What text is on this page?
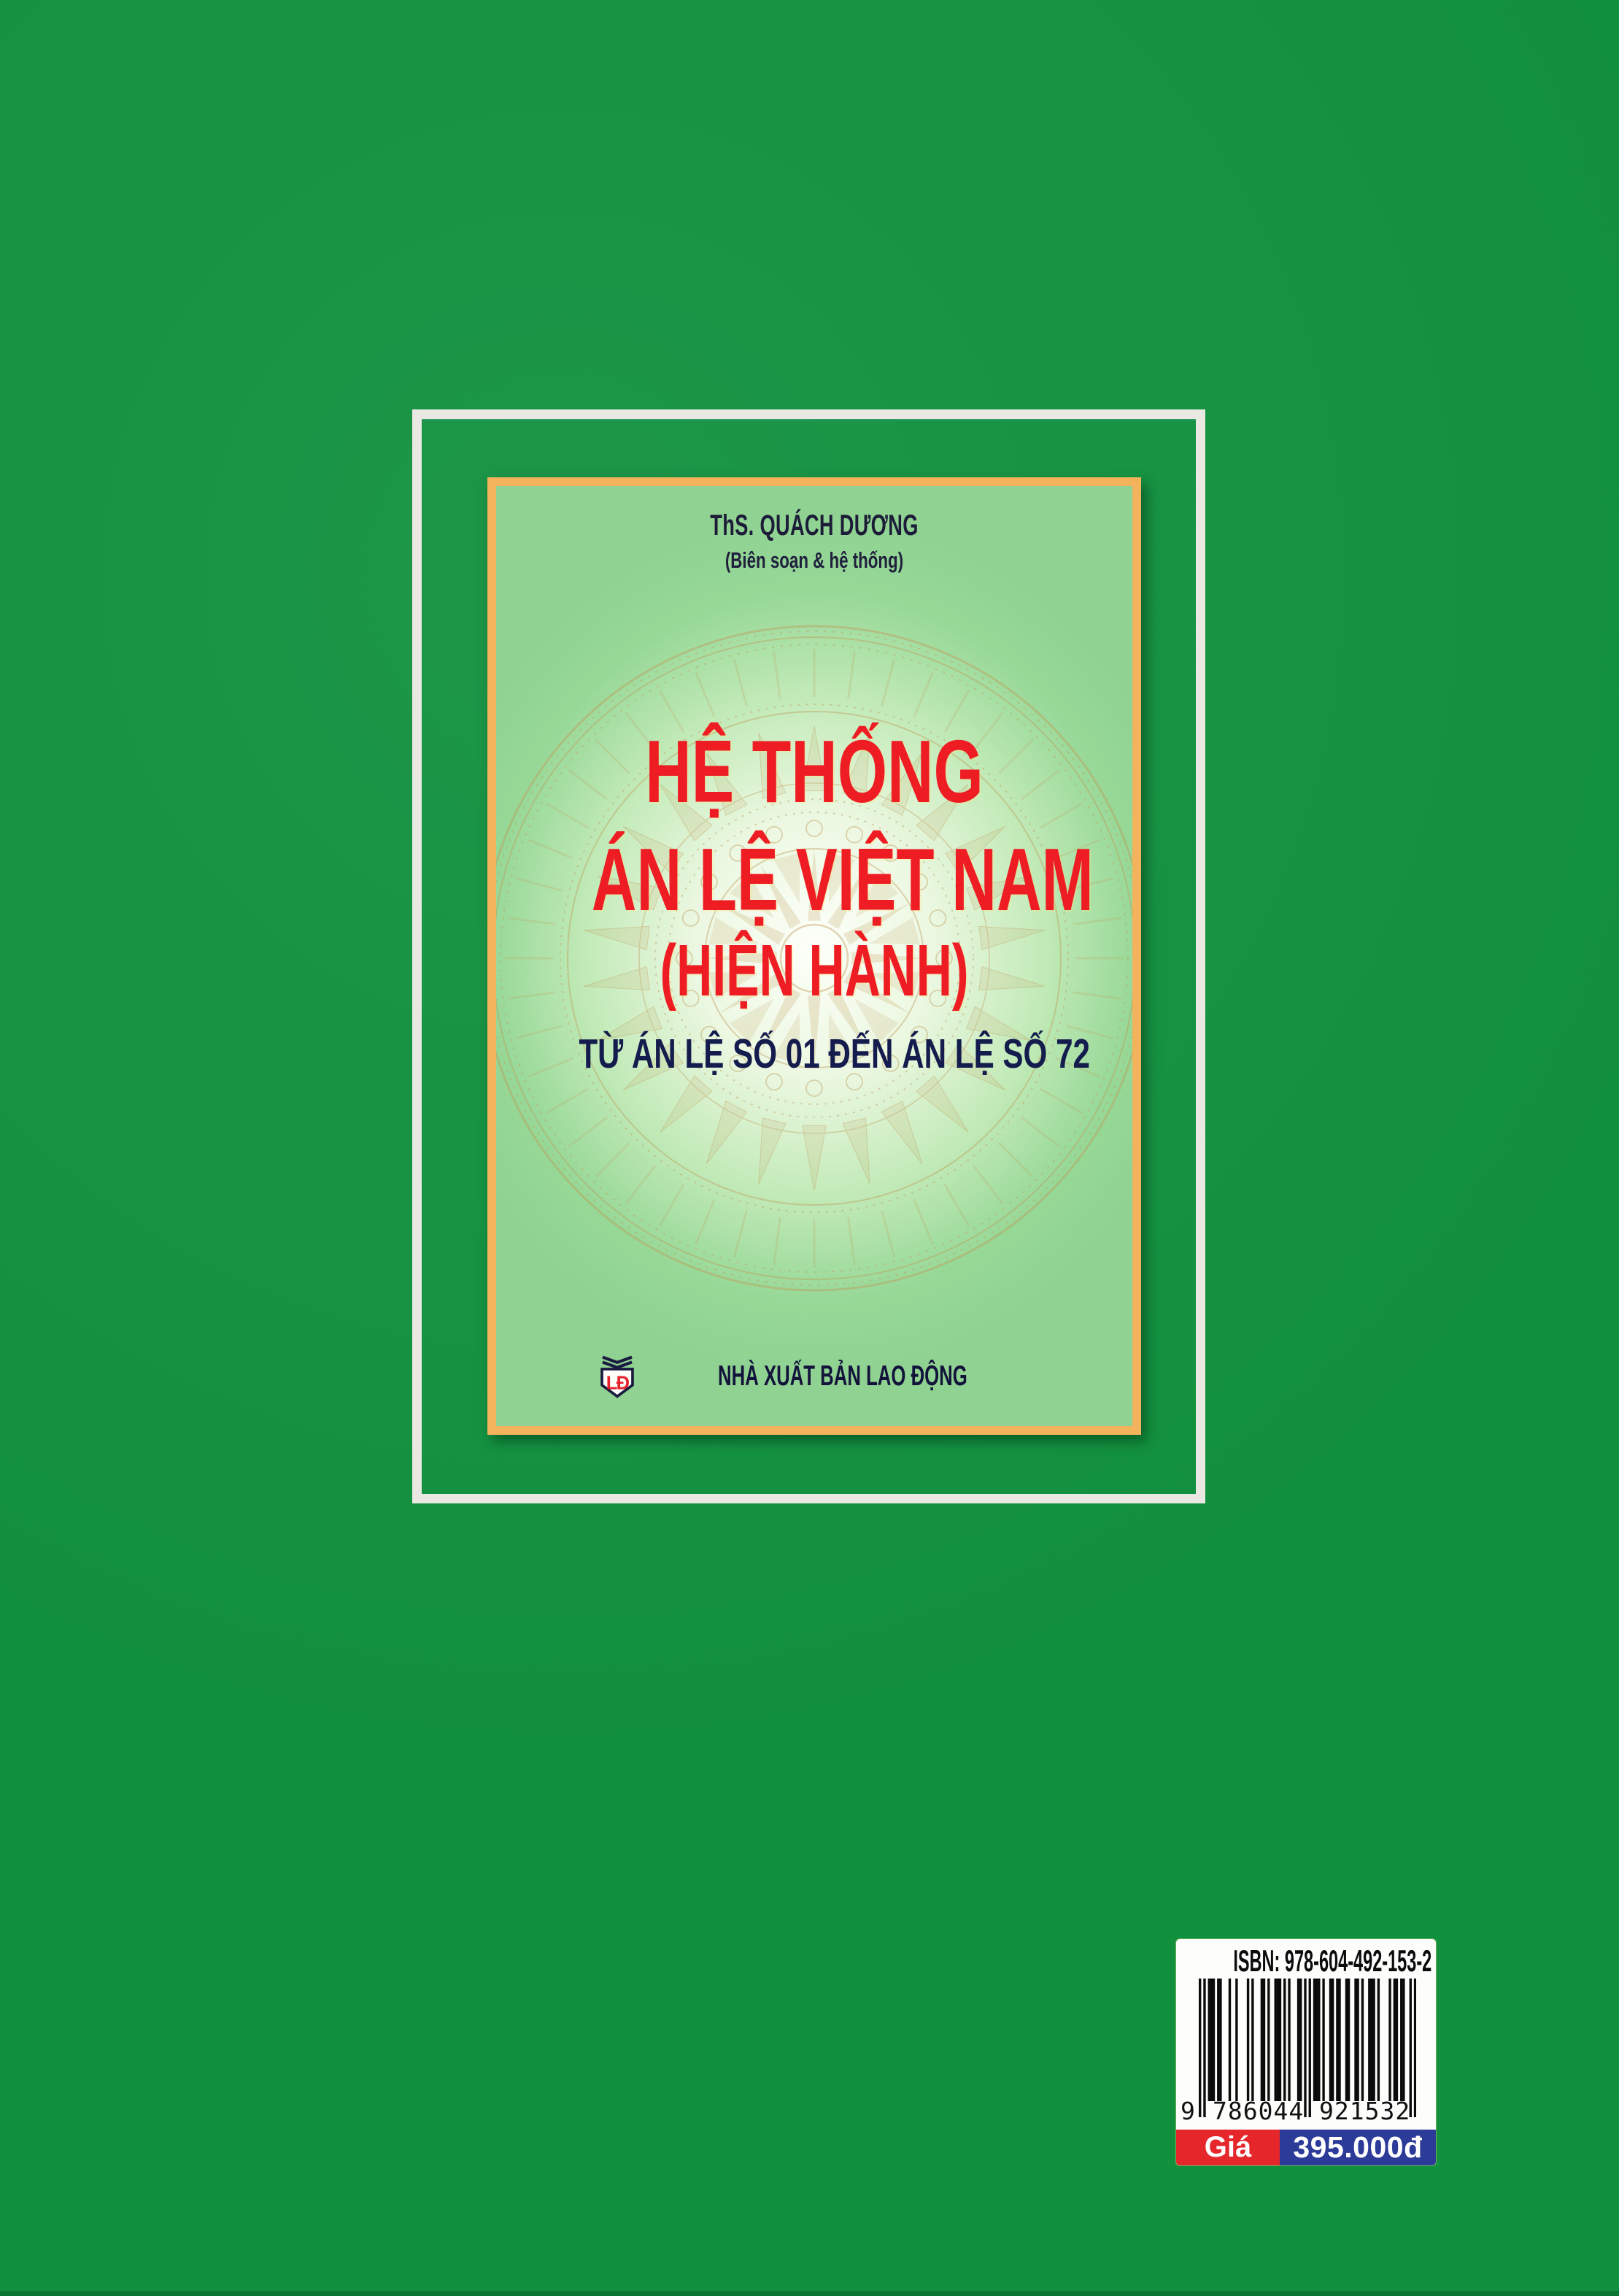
ThS. QUÁCH DƯƠNG
(Biên soạn & hệ thống)
HỆ THỐNG
ÁN LỆ VIỆT NAM
(HIỆN HÀNH)
TỪ ÁN LỆ SỐ 01 ĐẾN ÁN LỆ SỐ 72
LĐ	NHÀ XUẤT BẢN LAO ĐỘNG
ISBN: 978-604-492-153-2
9 786044 921532
Giá	395.000đ
